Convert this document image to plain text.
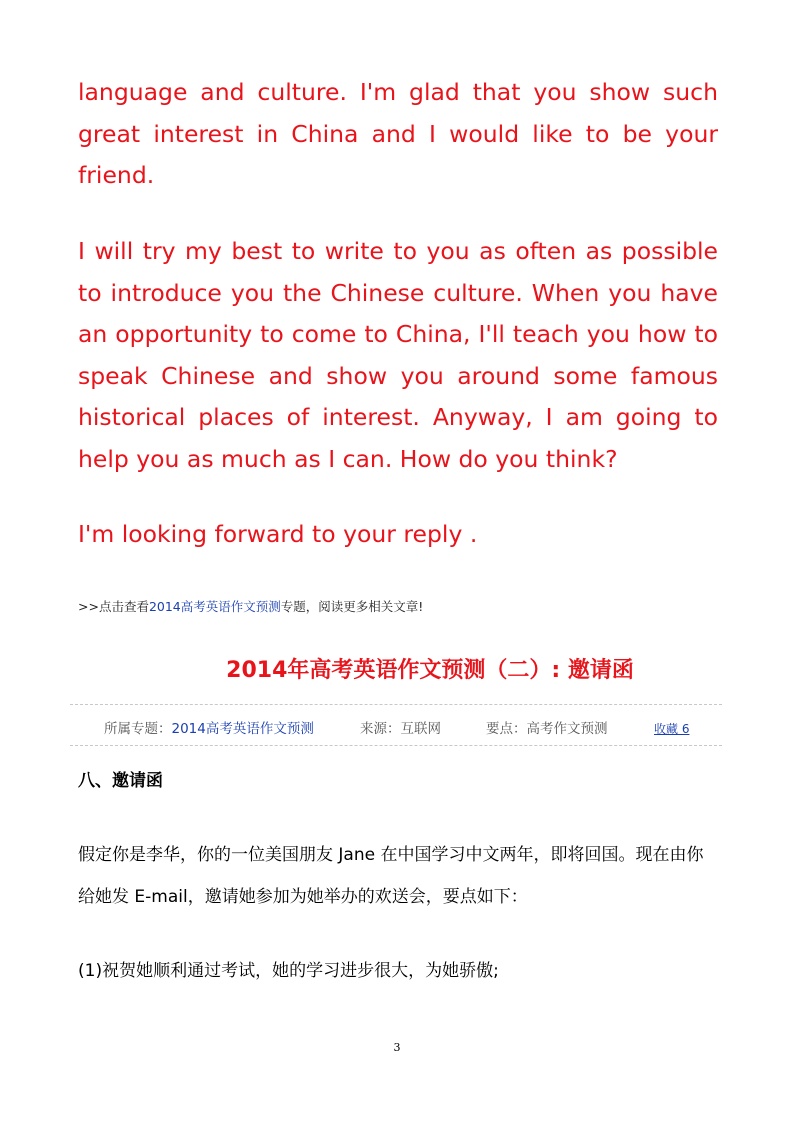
language and culture. I'm glad that you show such great interest in China and I would like to be your friend.

I will try my best to write to you as often as possible to introduce you the Chinese culture. When you have an opportunity to come to China, I'll teach you how to speak Chinese and show you around some famous historical places of interest. Anyway, I am going to help you as much as I can. How do you think?

I'm looking forward to your reply .

>>点击查看2014高考英语作文预测专题，阅读更多相关文章!
2014年高考英语作文预测（二）: 邀请函
所属专题：2014高考英语作文预测	来源：互联网	要点：高考作文预测	收藏 6
八、邀请函

假定你是李华，你的一位美国朋友 Jane 在中国学习中文两年，即将回国。现在由你给她发 E-mail，邀请她参加为她举办的欢送会，要点如下：

(1)祝贺她顺利通过考试，她的学习进步很大，为她骄傲;

3
